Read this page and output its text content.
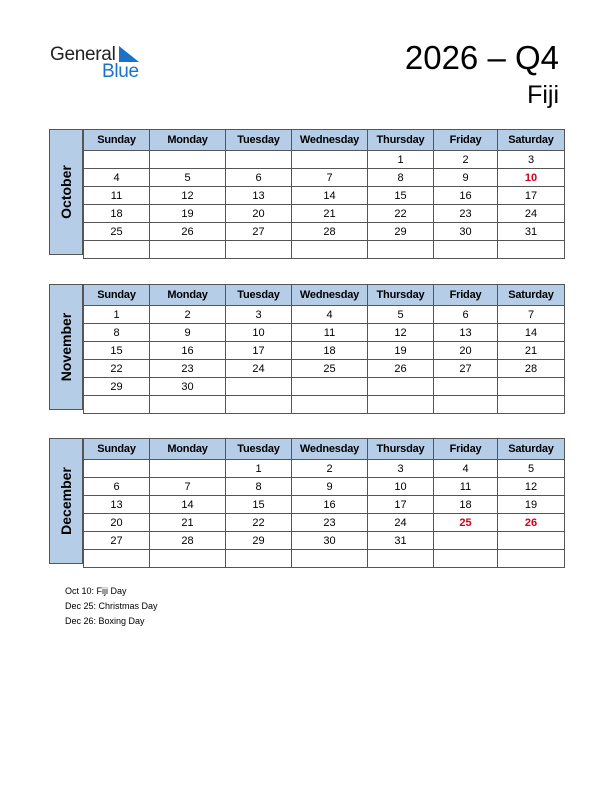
General
Blue	2026 – Q4
Fiji
October
Sunday	Monday	Tuesday	Wednesday	Thursday	Friday	Saturday
				1	2	3
4	5	6	7	8	9	10
11	12	13	14	15	16	17
18	19	20	21	22	23	24
25	26	27	28	29	30	31

November
Sunday	Monday	Tuesday	Wednesday	Thursday	Friday	Saturday
1	2	3	4	5	6	7
8	9	10	11	12	13	14
15	16	17	18	19	20	21
22	23	24	25	26	27	28
29	30					

December
Sunday	Monday	Tuesday	Wednesday	Thursday	Friday	Saturday
		1	2	3	4	5
6	7	8	9	10	11	12
13	14	15	16	17	18	19
20	21	22	23	24	25	26
27	28	29	30	31		

Oct 10: Fiji Day
Dec 25: Christmas Day
Dec 26: Boxing Day
